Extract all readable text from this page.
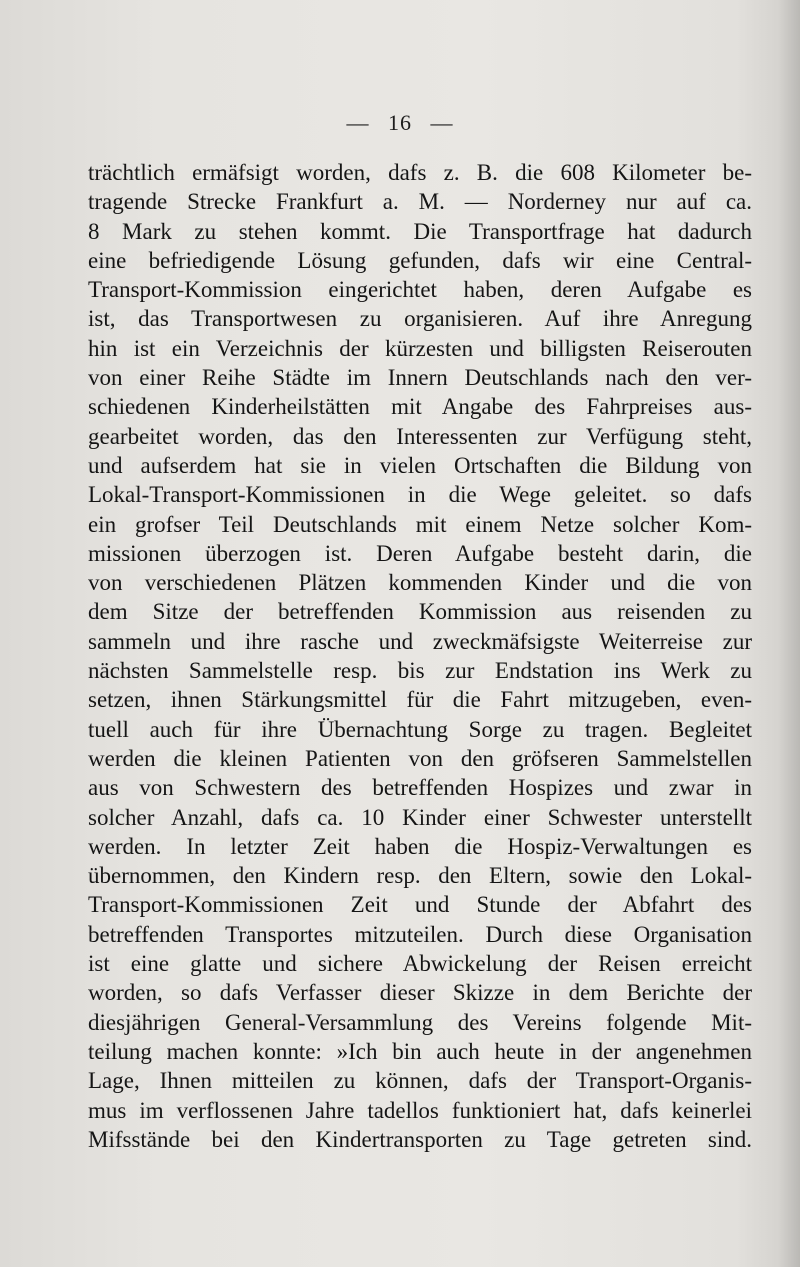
— 16 —
trächtlich ermäfsigt worden, dafs z. B. die 608 Kilometer be-
tragende Strecke Frankfurt a. M. — Norderney nur auf ca.
8 Mark zu stehen kommt. Die Transportfrage hat dadurch
eine befriedigende Lösung gefunden, dafs wir eine Central-
Transport-Kommission eingerichtet haben, deren Aufgabe es
ist, das Transportwesen zu organisieren. Auf ihre Anregung
hin ist ein Verzeichnis der kürzesten und billigsten Reiserouten
von einer Reihe Städte im Innern Deutschlands nach den ver-
schiedenen Kinderheilstätten mit Angabe des Fahrpreises aus-
gearbeitet worden, das den Interessenten zur Verfügung steht,
und aufserdem hat sie in vielen Ortschaften die Bildung von
Lokal-Transport-Kommissionen in die Wege geleitet. so dafs
ein grofser Teil Deutschlands mit einem Netze solcher Kom-
missionen überzogen ist. Deren Aufgabe besteht darin, die
von verschiedenen Plätzen kommenden Kinder und die von
dem Sitze der betreffenden Kommission aus reisenden zu
sammeln und ihre rasche und zweckmäfsigste Weiterreise zur
nächsten Sammelstelle resp. bis zur Endstation ins Werk zu
setzen, ihnen Stärkungsmittel für die Fahrt mitzugeben, even-
tuell auch für ihre Übernachtung Sorge zu tragen. Begleitet
werden die kleinen Patienten von den gröfseren Sammelstellen
aus von Schwestern des betreffenden Hospizes und zwar in
solcher Anzahl, dafs ca. 10 Kinder einer Schwester unterstellt
werden. In letzter Zeit haben die Hospiz-Verwaltungen es
übernommen, den Kindern resp. den Eltern, sowie den Lokal-
Transport-Kommissionen Zeit und Stunde der Abfahrt des
betreffenden Transportes mitzuteilen. Durch diese Organisation
ist eine glatte und sichere Abwickelung der Reisen erreicht
worden, so dafs Verfasser dieser Skizze in dem Berichte der
diesjährigen General-Versammlung des Vereins folgende Mit-
teilung machen konnte: »Ich bin auch heute in der angenehmen
Lage, Ihnen mitteilen zu können, dafs der Transport-Organis-
mus im verflossenen Jahre tadellos funktioniert hat, dafs keinerlei
Mifsstände bei den Kindertransporten zu Tage getreten sind.
